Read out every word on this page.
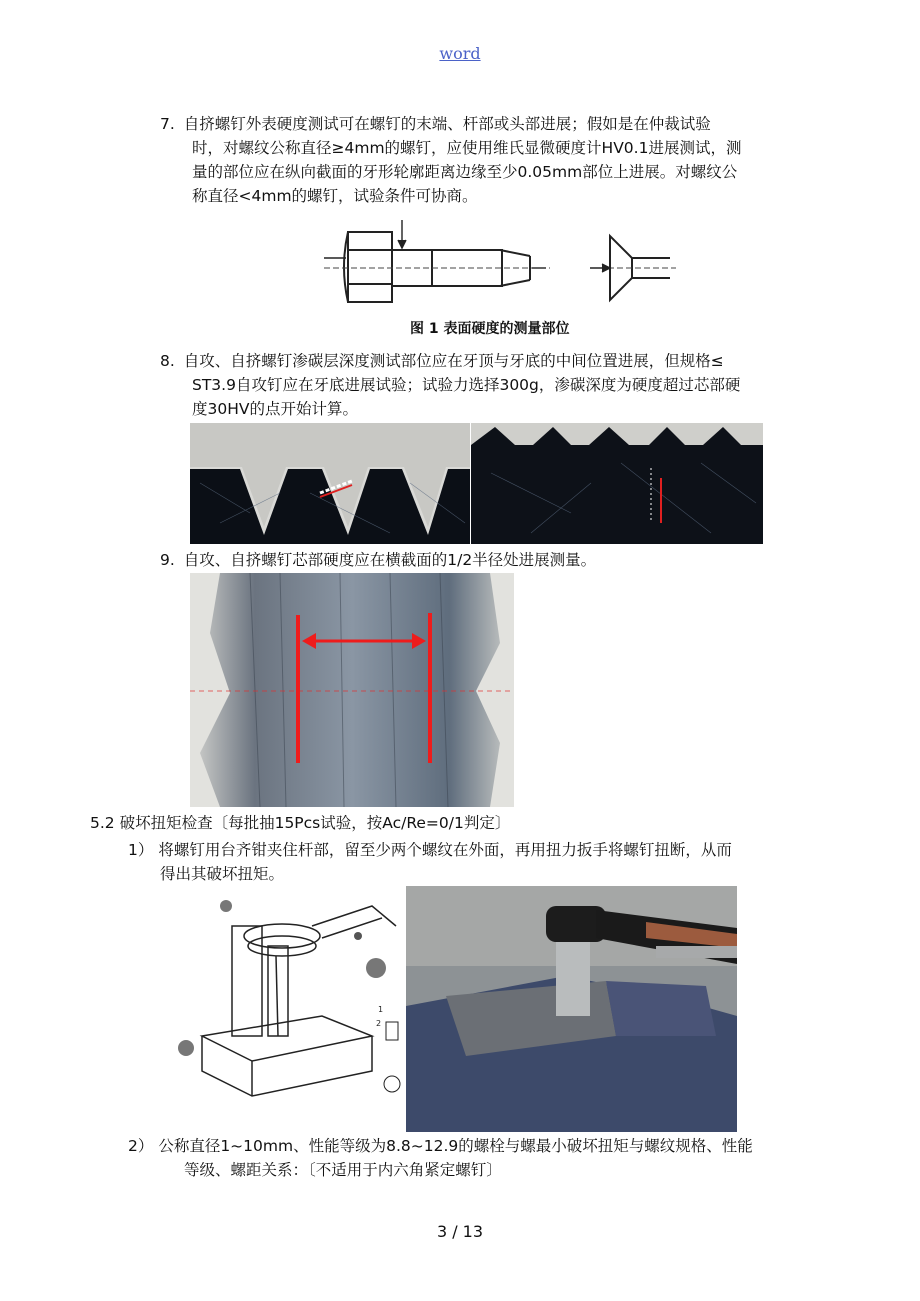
word
7. 自挤螺钉外表硬度测试可在螺钉的末端、杆部或头部进展；假如是在仲裁试验
时，对螺纹公称直径≥4mm的螺钉，应使用维氏显微硬度计HV0.1进展测试，测
量的部位应在纵向截面的牙形轮廓距离边缘至少0.05mm部位上进展。对螺纹公
称直径<4mm的螺钉，试验条件可协商。
图 1 表面硬度的测量部位
8. 自攻、自挤螺钉渗碳层深度测试部位应在牙顶与牙底的中间位置进展，但规格≤
ST3.9自攻钉应在牙底进展试验；试验力选择300g，渗碳深度为硬度超过芯部硬
度30HV的点开始计算。
9. 自攻、自挤螺钉芯部硬度应在横截面的1/2半径处进展测量。
5.2 破坏扭矩检查〔每批抽15Pcs试验，按Ac/Re=0/1判定〕
1） 将螺钉用台齐钳夹住杆部，留至少两个螺纹在外面，再用扭力扳手将螺钉扭断，从而
得出其破坏扭矩。
1
2
2） 公称直径1~10mm、性能等级为8.8~12.9的螺栓与螺最小破坏扭矩与螺纹规格、性能
等级、螺距关系：〔不适用于内六角紧定螺钉〕
3 / 13
